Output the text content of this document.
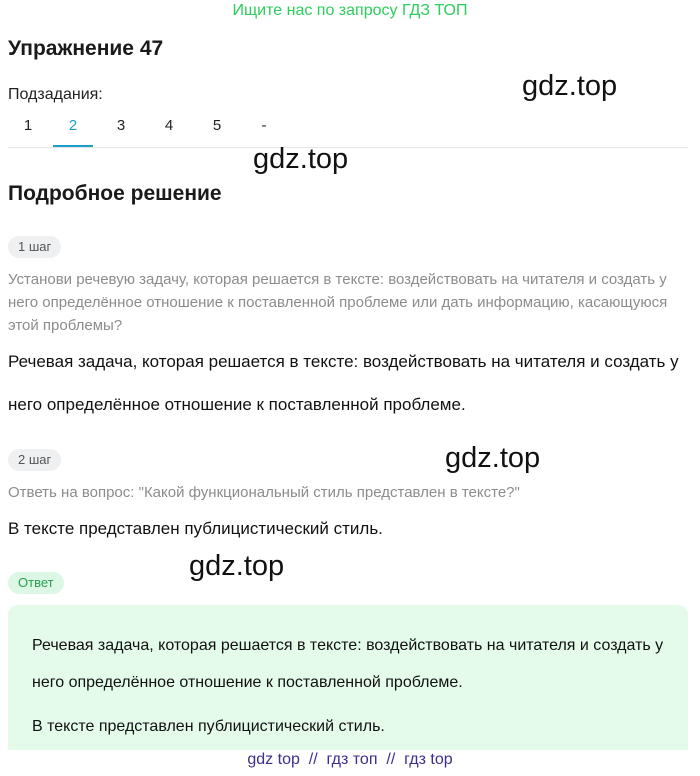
Ищите нас по запросу ГДЗ ТОП
Упражнение 47
Подзадания:
1	2	3	4	5	-
gdz.top
gdz.top
Подробное решение
1 шаг
Установи речевую задачу, которая решается в тексте: воздействовать на читателя и создать у него определённое отношение к поставленной проблеме или дать информацию, касающуюся этой проблемы?
Речевая задача, которая решается в тексте: воздействовать на читателя и создать у него определённое отношение к поставленной проблеме.
2 шаг	gdz.top
Ответь на вопрос: "Какой функциональный стиль представлен в тексте?"
В тексте представлен публицистический стиль.
gdz.top
Ответ
Речевая задача, которая решается в тексте: воздействовать на читателя и создать у него определённое отношение к поставленной проблеме.
В тексте представлен публицистический стиль.
gdz top  //  гдз топ  //  гдз top
